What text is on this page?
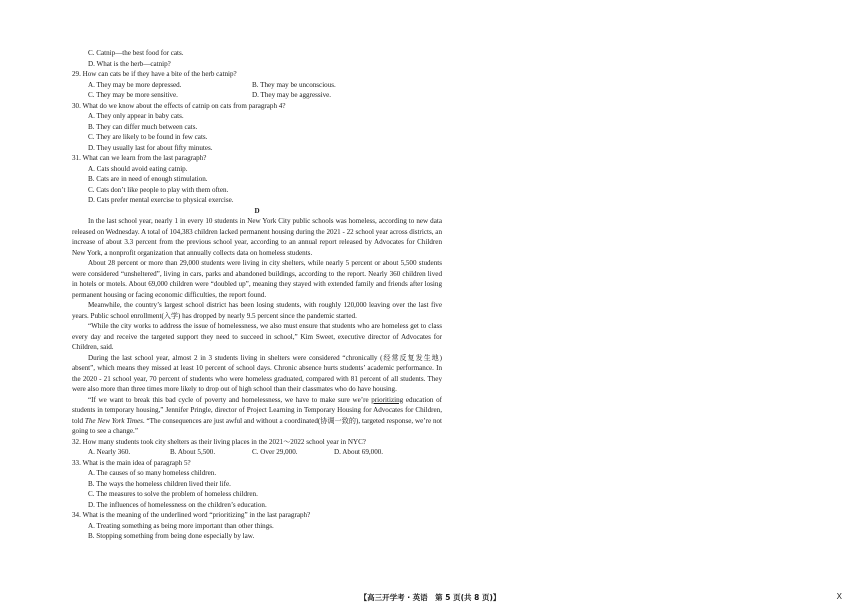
C. Catnip—the best food for cats.
D. What is the herb—catnip?
29. How can cats be if they have a bite of the herb catnip?
A. They may be more depressed.	B. They may be unconscious.
C. They may be more sensitive.	D. They may be aggressive.
30. What do we know about the effects of catnip on cats from paragraph 4?
A. They only appear in baby cats.
B. They can differ much between cats.
C. They are likely to be found in few cats.
D. They usually last for about fifty minutes.
31. What can we learn from the last paragraph?
A. Cats should avoid eating catnip.
B. Cats are in need of enough stimulation.
C. Cats don’t like people to play with them often.
D. Cats prefer mental exercise to physical exercise.
D
In the last school year, nearly 1 in every 10 students in New York City public schools was homeless, according to new data released on Wednesday. A total of 104,383 children lacked permanent housing during the 2021 - 22 school year across districts, an increase of about 3.3 percent from the previous school year, according to an annual report released by Advocates for Children New York, a nonprofit organization that annually collects data on homeless students.
About 28 percent or more than 29,000 students were living in city shelters, while nearly 5 percent or about 5,500 students were considered “unsheltered”, living in cars, parks and abandoned buildings, according to the report. Nearly 360 children lived in hotels or motels. About 69,000 children were “doubled up”, meaning they stayed with extended family and friends after losing permanent housing or facing economic difficulties, the report found.
Meanwhile, the country’s largest school district has been losing students, with roughly 120,000 leaving over the last five years. Public school enrollment(入学) has dropped by nearly 9.5 percent since the pandemic started.
“While the city works to address the issue of homelessness, we also must ensure that students who are homeless get to class every day and receive the targeted support they need to succeed in school,” Kim Sweet, executive director of Advocates for Children, said.
During the last school year, almost 2 in 3 students living in shelters were considered “chronically (经常反复发生地) absent”, which means they missed at least 10 percent of school days. Chronic absence hurts students’ academic performance. In the 2020 - 21 school year, 70 percent of students who were homeless graduated, compared with 81 percent of all students. They were also more than three times more likely to drop out of high school than their classmates who do have housing.
“If we want to break this bad cycle of poverty and homelessness, we have to make sure we’re prioritizing education of students in temporary housing,” Jennifer Pringle, director of Project Learning in Temporary Housing for Advocates for Children, told The New York Times. “The consequences are just awful and without a coordinated(协调一致的), targeted response, we’re not going to see a change.”
32. How many students took city shelters as their living places in the 2021～2022 school year in NYC?
A. Nearly 360.	B. About 5,500.	C. Over 29,000.	D. About 69,000.
33. What is the main idea of paragraph 5?
A. The causes of so many homeless children.
B. The ways the homeless children lived their life.
C. The measures to solve the problem of homeless children.
D. The influences of homelessness on the children’s education.
34. What is the meaning of the underlined word “prioritizing” in the last paragraph?
A. Treating something as being more important than other things.
B. Stopping something from being done especially by law.
【高三开学考 · 英语　第 5 页(共 8 页)】	X
